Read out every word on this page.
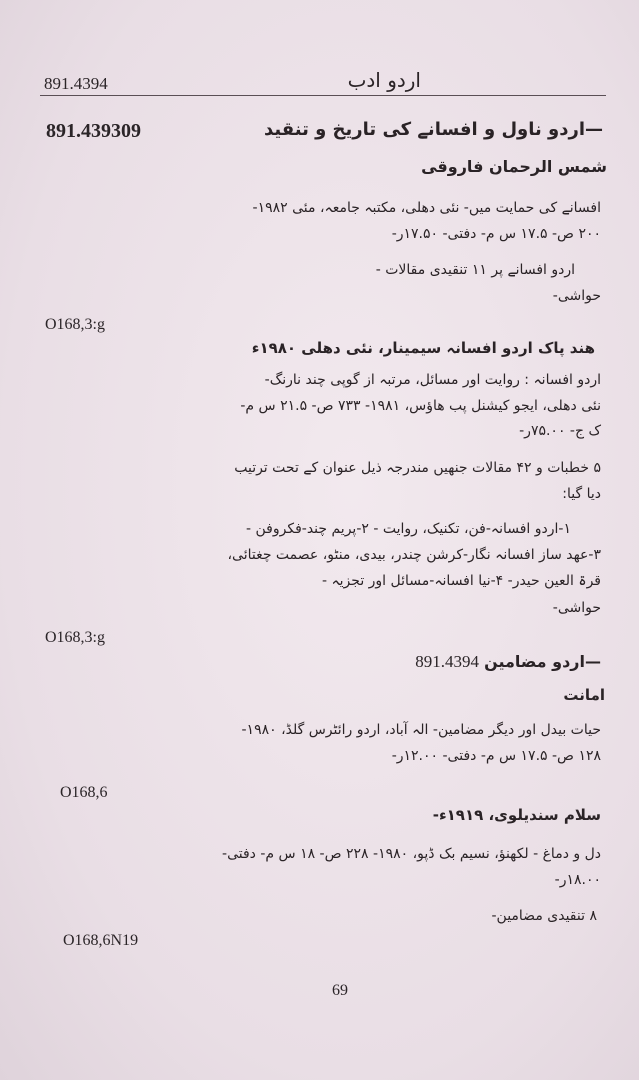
891.4394	اردو ادب
891.439309	—اردو ناول و افسانے کی تاریخ و تنقید
شمس الرحمان فاروقی
افسانے کی حمایت میں- نئی دھلی، مکتبہ جامعہ، مئی ۱۹۸۲-
۲۰۰ ص- ۱۷.۵ س م- دفتی- ۱۷.۵۰ر-
اردو افسانے پر ۱۱ تنقیدی مقالات -
حواشی-
O168,3:g
هند پاک اردو افسانہ سیمینار، نئی دھلی ۱۹۸۰ء
اردو افسانہ : روایت اور مسائل، مرتبہ از گوپی چند نارنگ-
نئی دھلی، ایجو کیشنل پب هاؤس، ۱۹۸۱- ۷۳۳ ص- ۲۱.۵ س م-
ک ج- ۷۵.۰۰ر-
۵ خطبات و ۴۲ مقالات جنهیں مندرجہ ذیل عنوان کے تحت ترتیب
دیا گیا:
۱-اردو افسانہ-فن، تکنیک، روایت - ۲-پریم چند-فکروفن -
۳-عهد ساز افسانہ نگار-کرشن چندر، بیدی، منٹو، عصمت چغتائی،
قرۃ العین حیدر- ۴-نیا افسانہ-مسائل اور تجزیہ -
حواشی-
O168,3:g
891.4394 —اردو مضامین
امانت
حیات بیدل اور دیگر مضامین- الہ آباد، اردو رائٹرس گلڈ، ۱۹۸۰-
۱۲۸ ص- ۱۷.۵ س م- دفتی- ۱۲.۰۰ر-
O168,6
سلام سندیلوی، ۱۹۱۹ء-
دل و دماغ - لکھنؤ، نسیم بک ڈپو، ۱۹۸۰- ۲۲۸ ص- ۱۸ س م- دفتی-
۱۸.۰۰ر-
۸ تنقیدی مضامین-
O168,6N19
69
